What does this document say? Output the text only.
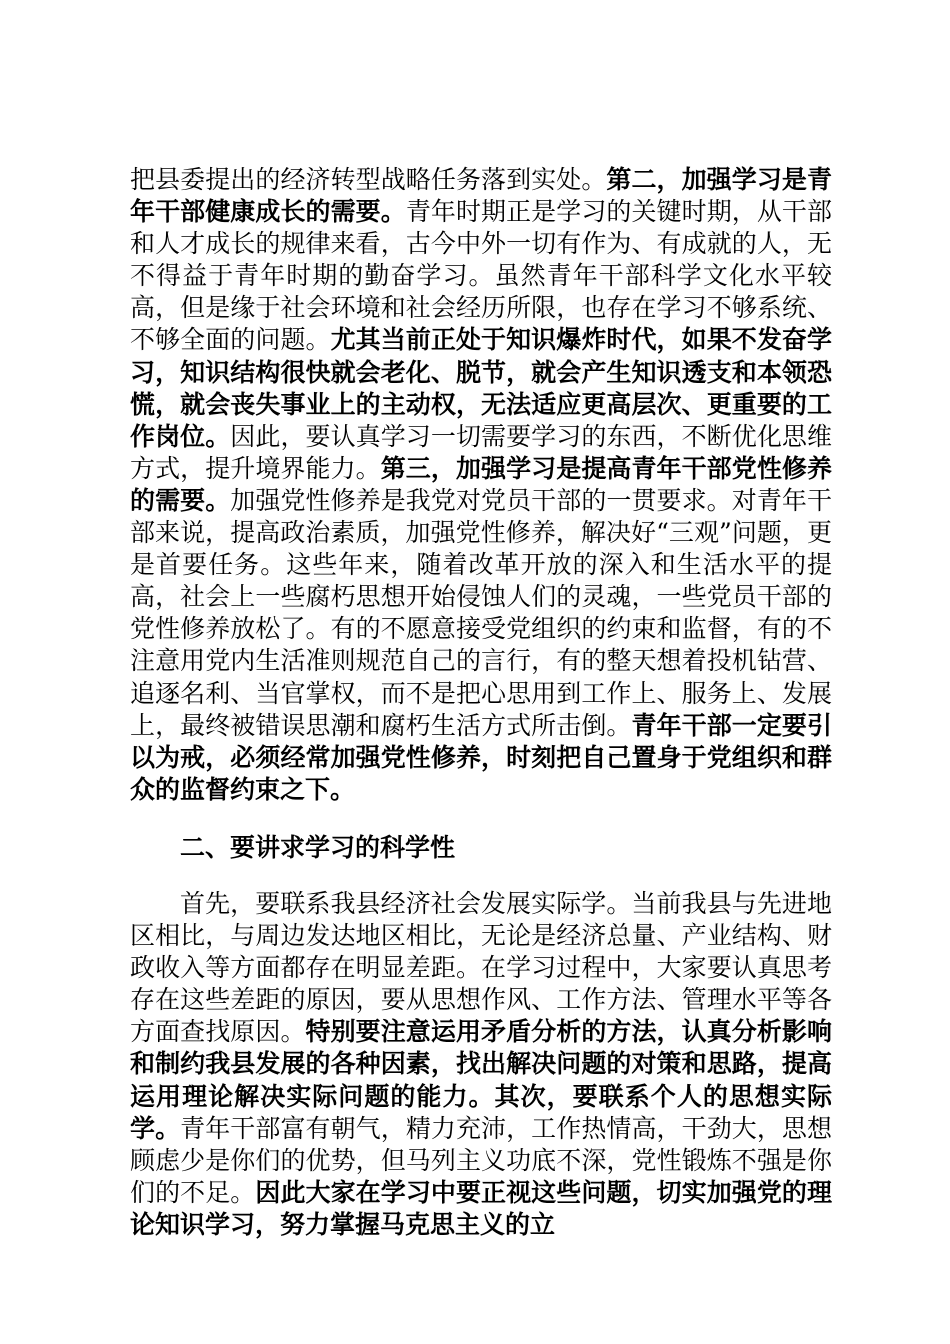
把县委提出的经济转型战略任务落到实处。第二，加强学习是青年干部健康成长的需要。青年时期正是学习的关键时期，从干部和人才成长的规律来看，古今中外一切有作为、有成就的人，无不得益于青年时期的勤奋学习。虽然青年干部科学文化水平较高，但是缘于社会环境和社会经历所限，也存在学习不够系统、不够全面的问题。尤其当前正处于知识爆炸时代，如果不发奋学习，知识结构很快就会老化、脱节，就会产生知识透支和本领恐慌，就会丧失事业上的主动权，无法适应更高层次、更重要的工作岗位。因此，要认真学习一切需要学习的东西，不断优化思维方式，提升境界能力。第三，加强学习是提高青年干部党性修养的需要。加强党性修养是我党对党员干部的一贯要求。对青年干部来说，提高政治素质，加强党性修养，解决好“三观”问题，更是首要任务。这些年来，随着改革开放的深入和生活水平的提高，社会上一些腐朽思想开始侵蚀人们的灵魂，一些党员干部的党性修养放松了。有的不愿意接受党组织的约束和监督，有的不注意用党内生活准则规范自己的言行，有的整天想着投机钻营、追逐名利、当官掌权，而不是把心思用到工作上、服务上、发展上，最终被错误思潮和腐朽生活方式所击倒。青年干部一定要引以为戒，必须经常加强党性修养，时刻把自己置身于党组织和群众的监督约束之下。

二、要讲求学习的科学性

首先，要联系我县经济社会发展实际学。当前我县与先进地区相比，与周边发达地区相比，无论是经济总量、产业结构、财政收入等方面都存在明显差距。在学习过程中，大家要认真思考存在这些差距的原因，要从思想作风、工作方法、管理水平等各方面查找原因。特别要注意运用矛盾分析的方法，认真分析影响和制约我县发展的各种因素，找出解决问题的对策和思路，提高运用理论解决实际问题的能力。其次，要联系个人的思想实际学。青年干部富有朝气，精力充沛，工作热情高，干劲大，思想顾虑少是你们的优势，但马列主义功底不深，党性锻炼不强是你们的不足。因此大家在学习中要正视这些问题，切实加强党的理论知识学习，努力掌握马克思主义的立
